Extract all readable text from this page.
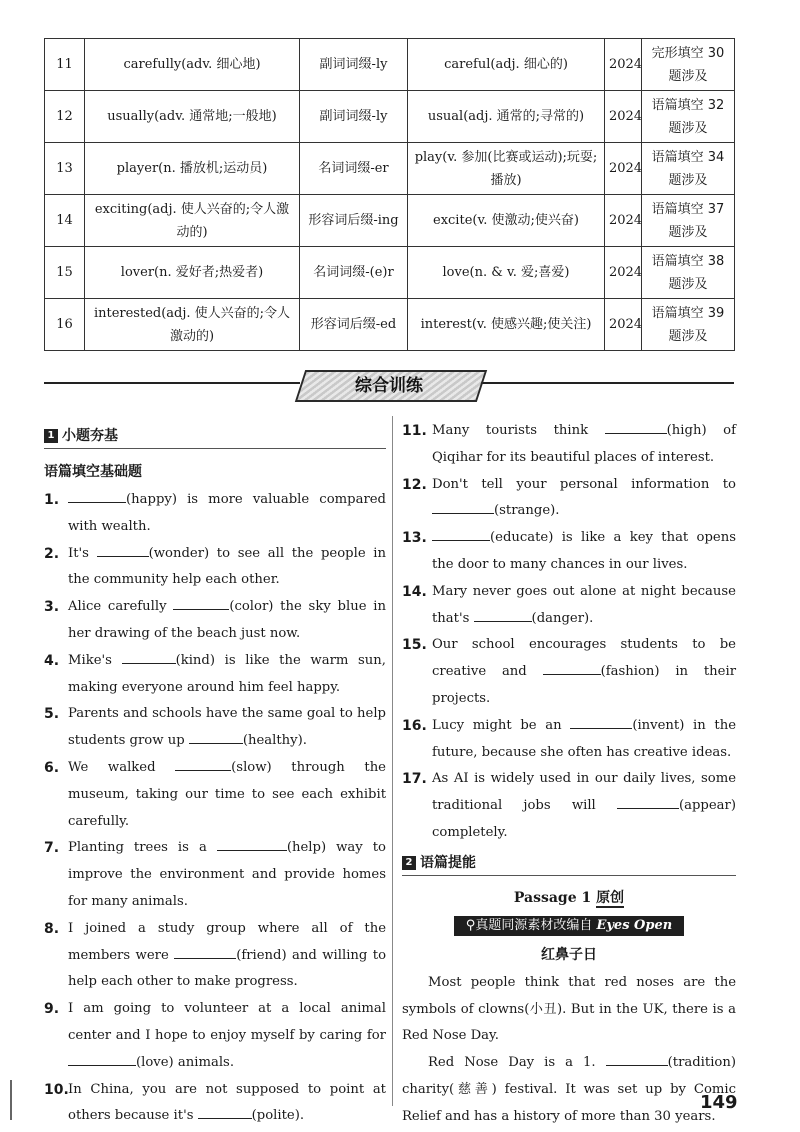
11	carefully(adv. 细心地)	副词词缀-ly	careful(adj. 细心的)	2024	完形填空 30 题涉及
12	usually(adv. 通常地;一般地)	副词词缀-ly	usual(adj. 通常的;寻常的)	2024	语篇填空 32 题涉及
13	player(n. 播放机;运动员)	名词词缀-er	play(v. 参加(比赛或运动);玩耍;播放)	2024	语篇填空 34 题涉及
14	exciting(adj. 使人兴奋的;令人激动的)	形容词后缀-ing	excite(v. 使激动;使兴奋)	2024	语篇填空 37 题涉及
15	lover(n. 爱好者;热爱者)	名词词缀-(e)r	love(n. & v. 爱;喜爱)	2024	语篇填空 38 题涉及
16	interested(adj. 使人兴奋的;令人激动的)	形容词后缀-ed	interest(v. 使感兴趣;使关注)	2024	语篇填空 39 题涉及
综合训练
1 小题夯基
语篇填空基础题
1.	(happy) is more valuable compared with wealth.
2. It's	(wonder) to see all the people in the community help each other.
3. Alice carefully	(color) the sky blue in her drawing of the beach just now.
4. Mike's	(kind) is like the warm sun, making everyone around him feel happy.
5. Parents and schools have the same goal to help students grow up	(healthy).
6. We walked	(slow) through the museum, taking our time to see each exhibit carefully.
7. Planting trees is a	(help) way to improve the environment and provide homes for many animals.
8. I joined a study group where all of the members were	(friend) and willing to help each other to make progress.
9. I am going to volunteer at a local animal center and I hope to enjoy myself by caring for (love) animals.
10. In China, you are not supposed to point at others because it's	(polite).
11. Many tourists think	(high) of Qiqihar for its beautiful places of interest.
12. Don't tell your personal information to (strange).
13.	(educate) is like a key that opens the door to many chances in our lives.
14. Mary never goes out alone at night because that's	(danger).
15. Our school encourages students to be creative and	(fashion) in their projects.
16. Lucy might be an	(invent) in the future, because she often has creative ideas.
17. As AI is widely used in our daily lives, some traditional jobs will	(appear) completely.
2 语篇提能
Passage 1 原创
⚲真题同源素材改编自 Eyes Open
红鼻子日
Most people think that red noses are the symbols of clowns(小丑). But in the UK, there is a Red Nose Day.
Red Nose Day is a 1.	(tradition) charity(慈善) festival. It was set up by Comic Relief and has a history of more than 30 years.
149
